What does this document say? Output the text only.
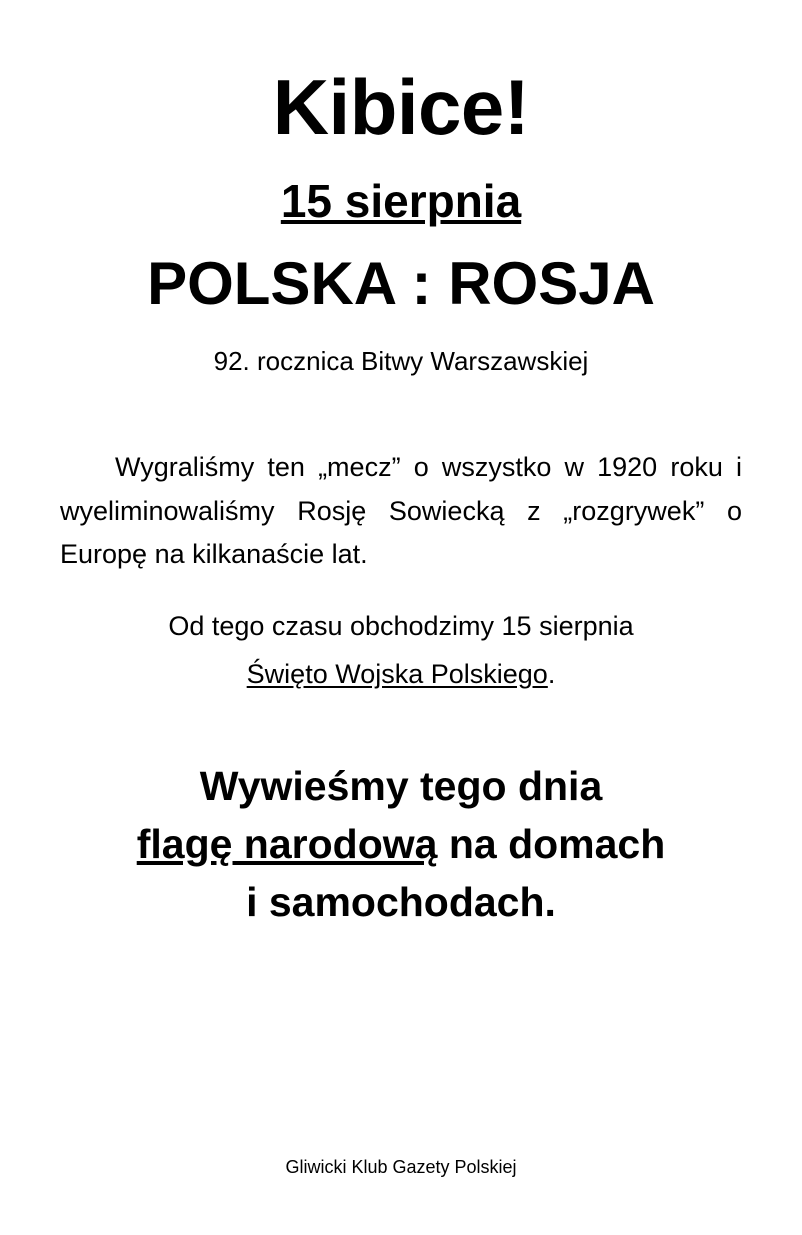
Kibice!
15 sierpnia
POLSKA : ROSJA
92. rocznica Bitwy Warszawskiej
Wygraliśmy ten „mecz” o wszystko w 1920 roku i wyeliminowaliśmy Rosję Sowiecką z „rozgrywek” o Europę na kilkanaście lat.
Od tego czasu obchodzimy 15 sierpnia
Święto Wojska Polskiego.
Wywieśmy tego dnia
flagę narodową na domach
i samochodach.
Gliwicki Klub Gazety Polskiej
